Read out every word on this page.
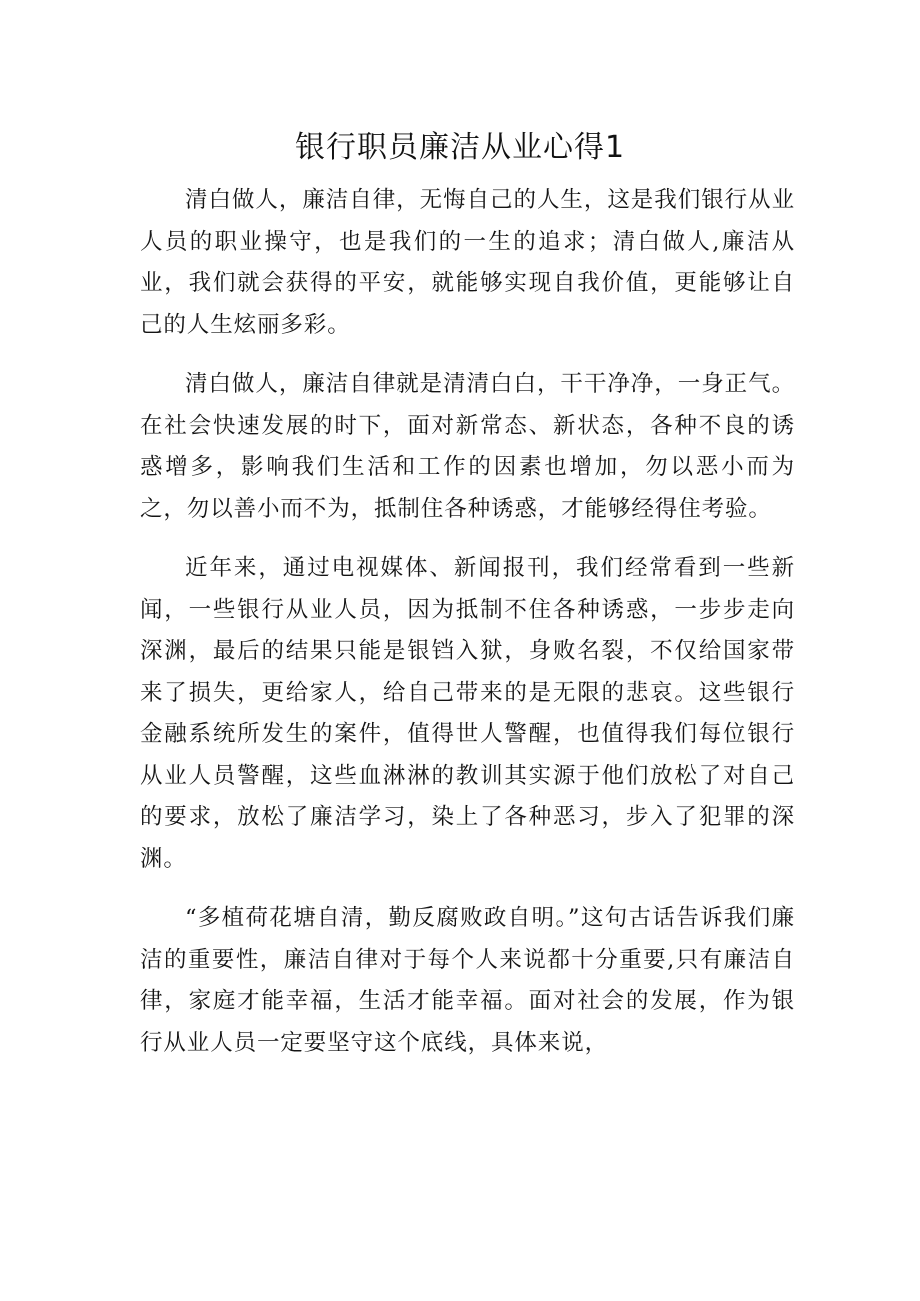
银行职员廉洁从业心得1

清白做人，廉洁自律，无悔自己的人生，这是我们银行从业人员的职业操守，也是我们的一生的追求；清白做人,廉洁从业，我们就会获得的平安，就能够实现自我价值，更能够让自己的人生炫丽多彩。

清白做人，廉洁自律就是清清白白，干干净净，一身正气。在社会快速发展的时下，面对新常态、新状态，各种不良的诱惑增多，影响我们生活和工作的因素也增加，勿以恶小而为之，勿以善小而不为，抵制住各种诱惑，才能够经得住考验。

近年来，通过电视媒体、新闻报刊，我们经常看到一些新闻，一些银行从业人员，因为抵制不住各种诱惑，一步步走向深渊，最后的结果只能是银铛入狱，身败名裂，不仅给国家带来了损失，更给家人，给自己带来的是无限的悲哀。这些银行金融系统所发生的案件，值得世人警醒，也值得我们每位银行从业人员警醒，这些血淋淋的教训其实源于他们放松了对自己的要求，放松了廉洁学习，染上了各种恶习，步入了犯罪的深渊。

“多植荷花塘自清，勤反腐败政自明。”这句古话告诉我们廉洁的重要性，廉洁自律对于每个人来说都十分重要,只有廉洁自律，家庭才能幸福，生活才能幸福。面对社会的发展，作为银行从业人员一定要坚守这个底线，具体来说，
